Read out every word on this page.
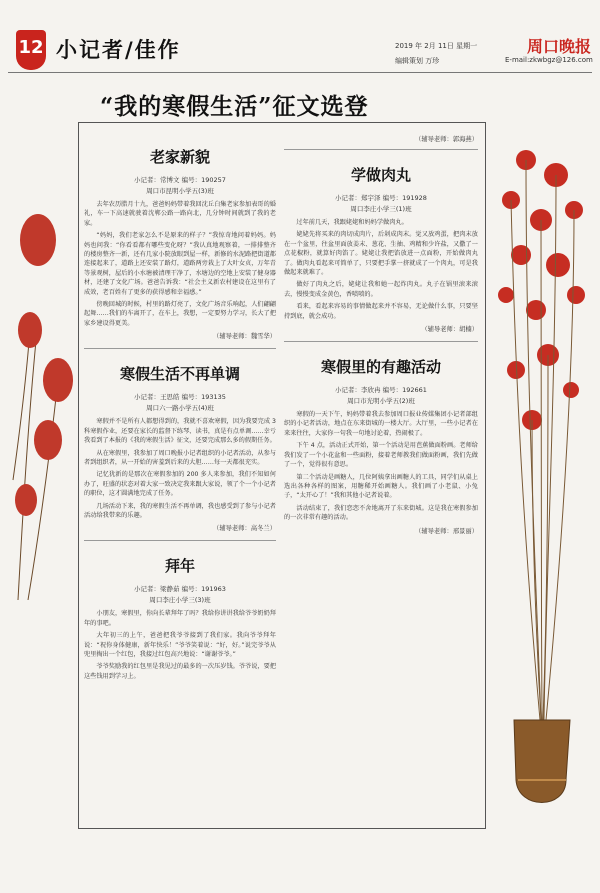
12 小记者/佳作	2019 年 2月 11日 星期一
编辑策划 万珍
周口晚报
E-mail:zkwbgz@126.com
“我的寒假生活”征文选登
老家新貌
小记者：常博文 编号：190257
周口市昆明小学五(3)班

去年农历腊月十九，爸爸妈妈带着我回沈丘白集老家参加表哥的婚礼，车一下高速就驶着沈郸公路一路向北，几分钟时间就到了我的老家。

“妈妈，我们老家怎么不是原来的样子？”我惊奇地问着妈妈。妈妈也问我：“你看看都有哪些变化呀？”我认真地观察着，一排排整齐的楼房整齐一新，还有几家小院放眼到屋一样，新修的水泥路把街道都连接起来了，道路上还安装了路灯，道路两旁栽上了大叶女贞，万年青等景观树，屋后的小水塘被清理干净了，水塘边的空地上安装了健身器材，还建了文化广场。爸爸告诉我：“社会主义新农村建设在这里有了成效，老百姓有了更多的获得感和幸福感。”

傍晚回城的时候，村里的路灯亮了，文化广场音乐响起，人们翩翩起舞……我们的车离开了，在车上，我想，一定要努力学习，长大了把家乡建设得更美。

（辅导老师：魏雪华）
寒假生活不再单调
小记者：王思皓 编号：193135
周口六一路小学五(4)班

寒假并不是所有人都想得到的，我就不喜欢寒假，因为我要完成 3 科寒假作业，还要在家长的监督下练琴、读书，真是有点单调……幸亏我看到了本报的《我的寒假生活》征文，还要完成那么多的假期任务。

从在寒假里，我参加了周口晚报小记者组织的小记者活动，从参与者到组织者，从一开始的害羞到后来的大胆……每一天都很充实。

记忆犹新的是那次在寒假参加的 200 多人来参加，我们不知如何办了，旺盛的状态对着大家一致决定我来跟大家说，领了个一个小记者的职位，这才圆满地完成了任务。

几场活动下来，我的寒假生活不再单调，我也感受到了参与小记者活动给我带来的乐趣。

（辅导老师：高冬兰）
拜年
小记者：梁静茹 编号：191963
周口李庄小学三(3)班

小朋友，寒假里，你向长辈拜年了吗？我给你讲讲我给爷爷奶奶拜年的事吧。

大年初三的上午，爸爸把我爷爷接到了我们家。我向爷爷拜年说：“祝你身体健康，新年快乐！”爷爷笑着说：“好，好。”说完爷爷从兜里掏出一个红包，我接过红包高兴地说：“谢谢爷爷。”

爷爷奖励我的红包里是我见过的最多的一次压岁钱。爷爷说，要把这些钱用到学习上。

（辅导老师：郭海燕）
学做肉丸
小记者：郑宇泽 编号：191928
周口李庄小学三(1)班

过年前几天，我跟姥姥和妈妈学做肉丸。

姥姥先将买来的肉切成肉片，后剁成肉末。觉又放鸡蛋，把肉末放在一个盆里，往盆里面放姜末、葱花、生抽、鸡精和少许盐，又撒了一点花椒粉，就算好肉馅了。姥姥让我把馅放进一点面粉，开始做肉丸了。做肉丸看起来可简单了，只要把手掌一挤就成了一个肉丸，可是我做起来就难了。

做好了肉丸之后，姥姥让我和她一起炸肉丸。丸子在锅里滚来滚去，慢慢变成金黄色，香喷喷的。

看来，看起来容易的事情做起来并不容易，无论做什么事，只要坚持到底，就会成功。

（辅导老师：胡楠）
寒假里的有趣活动
小记者：李欣冉 编号：192661
周口市光明小学五(2)班

寒假的一天下午，妈妈带着我去参加周口报业传媒集团小记者部组织的小记者活动，地点在东来街城的一楼大厅。大厅里，一些小记者在来来往往，大家你一句我一句地讨论着，热闹极了。

下午 4 点，活动正式开始，第一个活动是用芭蕉做面粉画。老师给我们发了一个小花盆和一些面粉，接着老师教我们做面粉画，我们先做了一个，觉得很有意思。

第二个活动是画糖人，几位阿姨拿出画糖人的工具，同学们从桌上选出各种各样的图案，用糖稀开始画糖人。我们画了小老鼠、小兔子，“太开心了！”我和其他小记者说着。

活动结束了，我们恋恋不舍地离开了东来街城。这是我在寒假参加的一次非常有趣的活动。

（辅导老师：邢景丽）
